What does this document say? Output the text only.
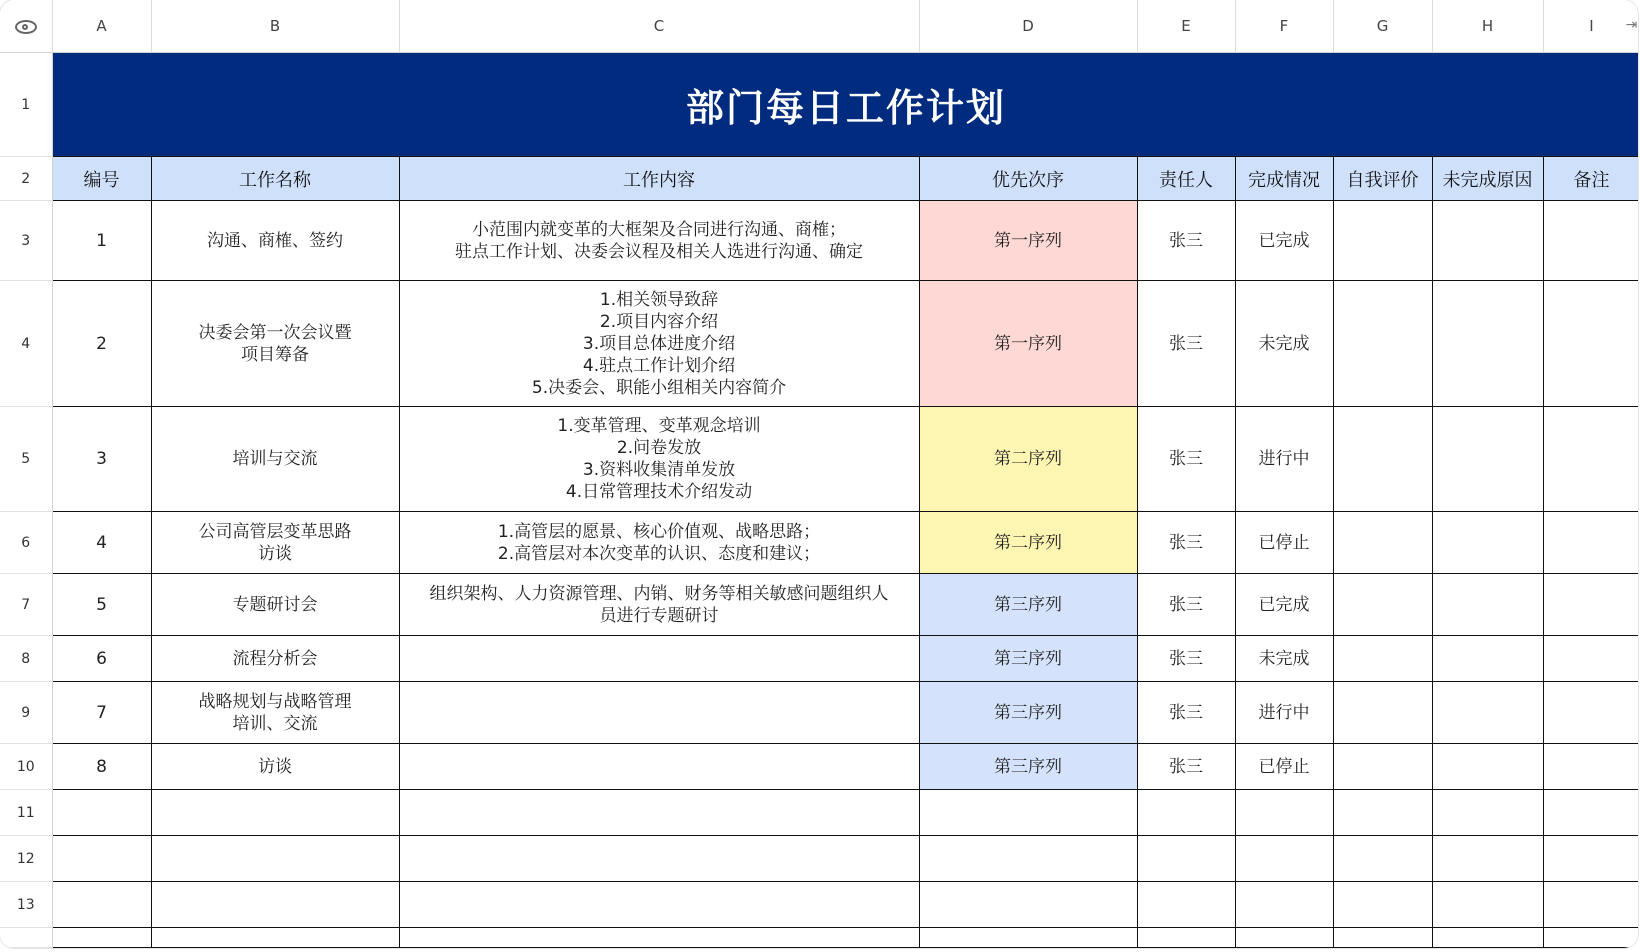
	A	B	C	D	E	F	G	H	I ⇥

1	部门每日工作计划								
2	编号	工作名称	工作内容	优先次序	责任人	完成情况	自我评价	未完成原因	备注
3	1	沟通、商榷、签约	小范围内就变革的大框架及合同进行沟通、商榷；
驻点工作计划、决委会议程及相关人选进行沟通、确定	第一序列	张三	已完成			
4	2	决委会第一次会议暨
项目筹备	1.相关领导致辞
2.项目内容介绍
3.项目总体进度介绍
4.驻点工作计划介绍
5.决委会、职能小组相关内容简介	第一序列	张三	未完成			
5	3	培训与交流	1.变革管理、变革观念培训
2.问卷发放
3.资料收集清单发放
4.日常管理技术介绍发动	第二序列	张三	进行中			
6	4	公司高管层变革思路
访谈	1.高管层的愿景、核心价值观、战略思路；
2.高管层对本次变革的认识、态度和建议；	第二序列	张三	已停止			
7	5	专题研讨会	组织架构、人力资源管理、内销、财务等相关敏感问题组织人
员进行专题研讨	第三序列	张三	已完成			
8	6	流程分析会		第三序列	张三	未完成			
9	7	战略规划与战略管理
培训、交流		第三序列	张三	进行中			
10	8	访谈		第三序列	张三	已停止			
11									
12									
13									
